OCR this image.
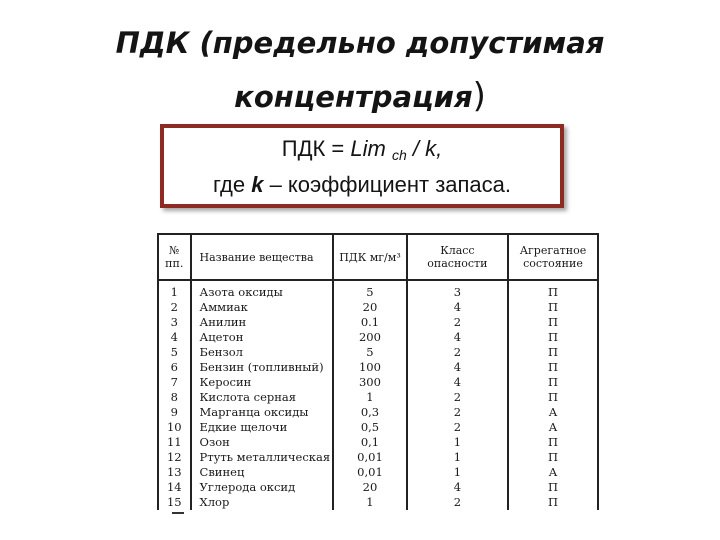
ПДК (предельно допустимая
концентрация)
ПДК = Lim $_{ch}$ / k,
где k – коэффициент запаса.
№ пп.	Название вещества	ПДК мг/м³	Класс опасности	Агрегатное состояние
1	Азота оксиды	5	3	П
2	Аммиак	20	4	П
3	Анилин	0.1	2	П
4	Ацетон	200	4	П
5	Бензол	5	2	П
6	Бензин (топливный)	100	4	П
7	Керосин	300	4	П
8	Кислота серная	1	2	П
9	Марганца оксиды	0,3	2	А
10	Едкие щелочи	0,5	2	А
11	Озон	0,1	1	П
12	Ртуть металлическая	0,01	1	П
13	Свинец	0,01	1	А
14	Углерода оксид	20	4	П
15	Хлор	1	2	П
